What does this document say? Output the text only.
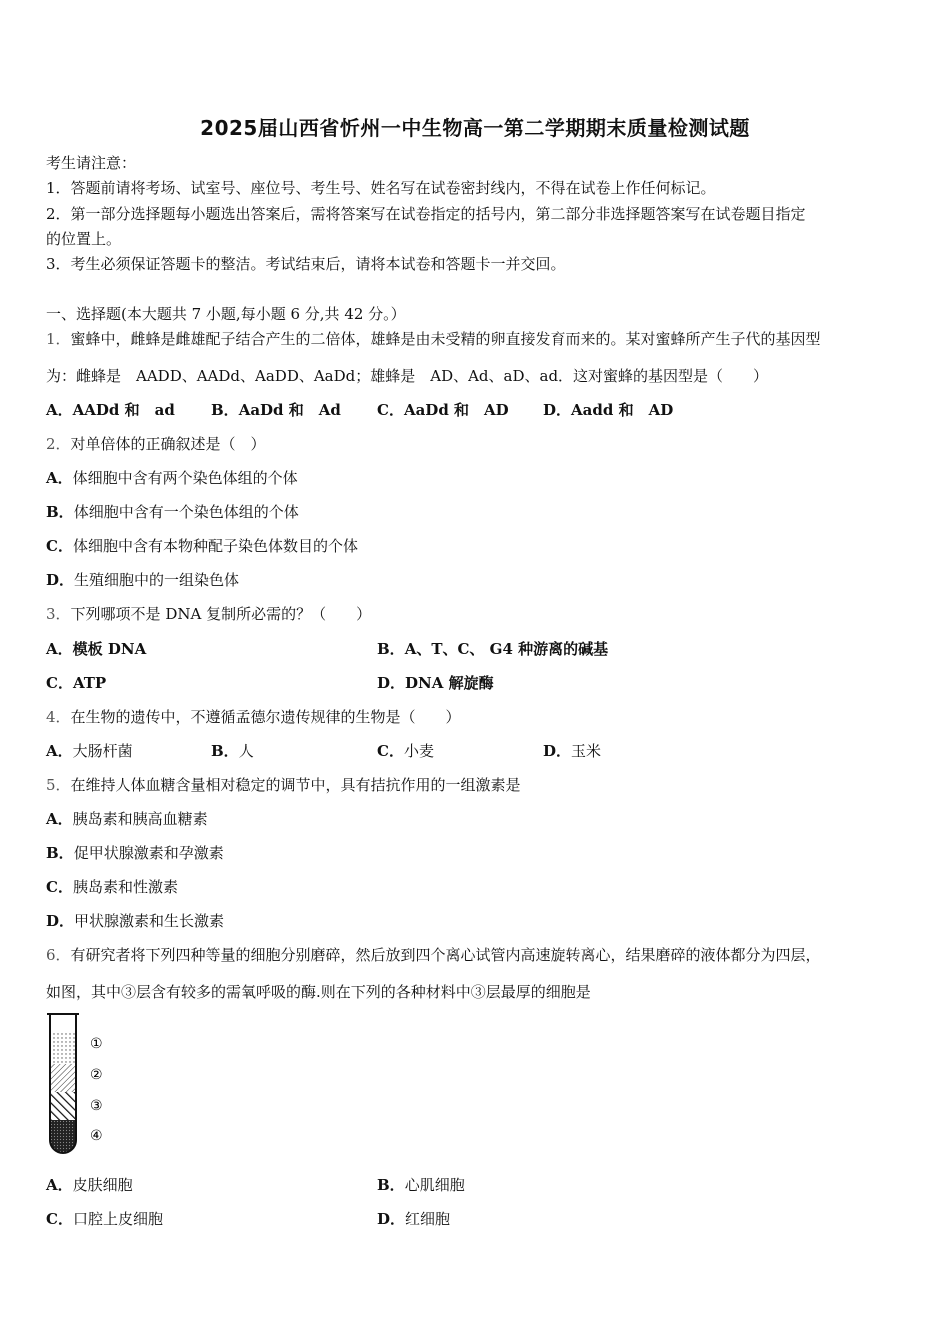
2025届山西省忻州一中生物高一第二学期期末质量检测试题
考生请注意：
1．答题前请将考场、试室号、座位号、考生号、姓名写在试卷密封线内，不得在试卷上作任何标记。
2．第一部分选择题每小题选出答案后，需将答案写在试卷指定的括号内，第二部分非选择题答案写在试卷题目指定
的位置上。
3．考生必须保证答题卡的整洁。考试结束后，请将本试卷和答题卡一并交回。
一、选择题(本大题共 7 小题,每小题 6 分,共 42 分。）
1．蜜蜂中，雌蜂是雌雄配子结合产生的二倍体，雄蜂是由未受精的卵直接发育而来的。某对蜜蜂所产生子代的基因型
为：雌蜂是　AADD、AADd、AaDD、AaDd；雄蜂是　AD、Ad、aD、ad．这对蜜蜂的基因型是（　　）
A．AADd 和　ad B．AaDd 和　Ad C．AaDd 和　AD D．Aadd 和　AD
2．对单倍体的正确叙述是（　）
A．体细胞中含有两个染色体组的个体
B．体细胞中含有一个染色体组的个体
C．体细胞中含有本物种配子染色体数目的个体
D．生殖细胞中的一组染色体
3．下列哪项不是 DNA 复制所必需的？（　　）
A．模板 DNA	B．A、T、C、 G4 种游离的碱基
C．ATP	D．DNA 解旋酶
4．在生物的遗传中，不遵循孟德尔遗传规律的生物是（　　）
A．大肠杆菌	B．人	C．小麦	D．玉米
5．在维持人体血糖含量相对稳定的调节中，具有拮抗作用的一组激素是
A．胰岛素和胰高血糖素
B．促甲状腺激素和孕激素
C．胰岛素和性激素
D．甲状腺激素和生长激素
6．有研究者将下列四种等量的细胞分别磨碎，然后放到四个离心试管内高速旋转离心，结果磨碎的液体都分为四层，
如图，其中③层含有较多的需氧呼吸的酶.则在下列的各种材料中③层最厚的细胞是
①
②
③
④
A．皮肤细胞	B．心肌细胞
C．口腔上皮细胞	D．红细胞
